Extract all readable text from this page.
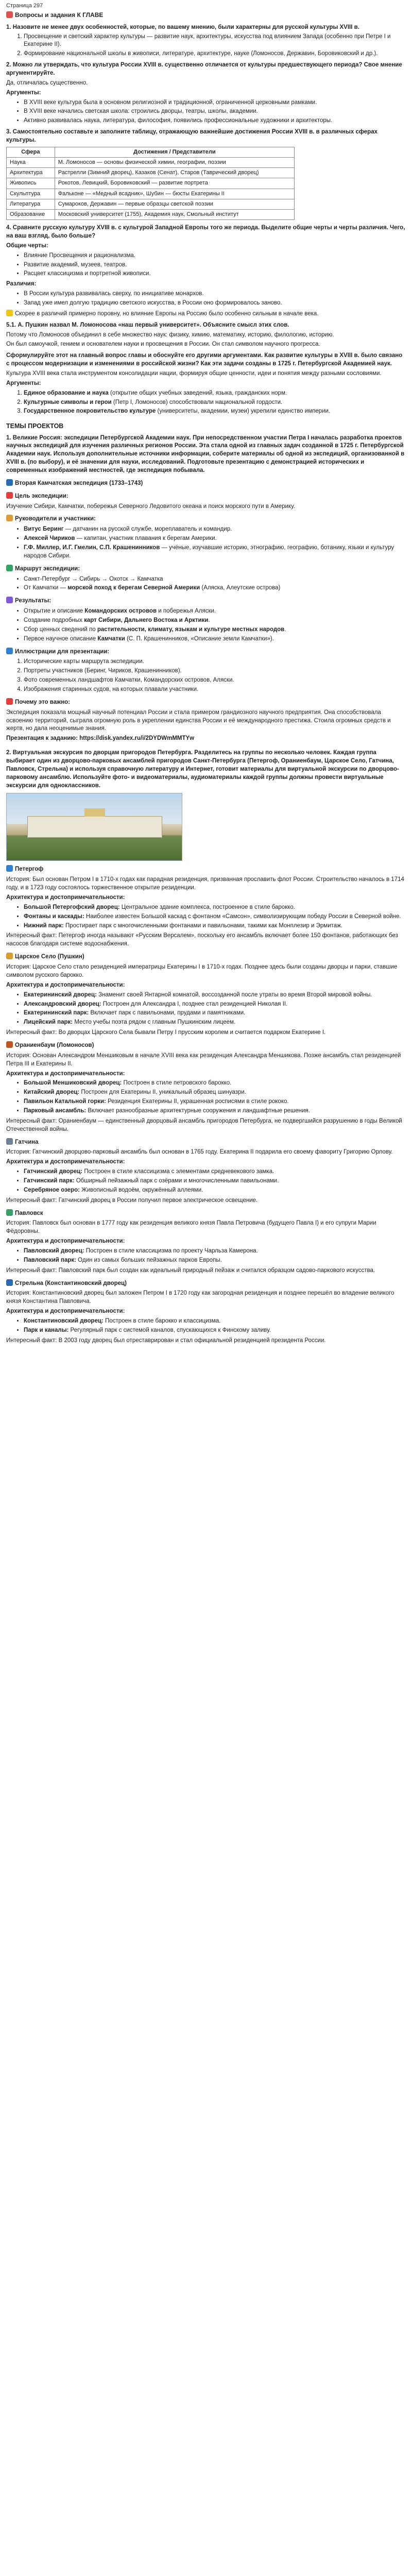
Страница 297
Вопросы и задания К ГЛАВЕ
1. Назовите не менее двух особенностей, которые, по вашему мнению, были характерны для русской культуры XVIII в.
1. Просвещение и светский характер культуры — развитие наук, архитектуры, искусства под влиянием Запада (особенно при Петре I и Екатерине II).
2. Формирование национальной школы в живописи, литературе, архитектуре, науке (Ломоносов, Державин, Боровиковский и др.).
2. Можно ли утверждать, что культура России XVIII в. существенно отличается от культуры предшествующего периода? Свое мнение аргументируйте.

Да, отличалась существенно.

Аргументы:

• В XVIII веке культура была в основном религиозной и традиционной, ограниченной церковными рамками.
• В XVIII веке начались светская школа: строились дворцы, театры, школы, академии.
• Активно развивалась наука, литература, философия, появились профессиональные художники и архитекторы.
3. Самостоятельно составьте и заполните таблицу, отражающую важнейшие достижения России XVIII в. в различных сферах культуры.
Сфера	Достижения / Представители
Наука	М. Ломоносов — основы физической химии, географии, поэзии
Архитектура	Растрелли (Зимний дворец), Казаков (Сенат), Старов (Таврический дворец)
Живопись	Рокотов, Левицкий, Боровиковский — развитие портрета
Скульптура	Фальконе — «Медный всадник», Шубин — бюсты Екатерины II
Литература	Сумароков, Державин — первые образцы светской поэзии
Образование	Московский университет (1755), Академия наук, Смольный институт
4. Сравните русскую культуру XVIII в. с культурой Западной Европы того же периода. Выделите общие черты и черты различия. Чего, на ваш взгляд, было больше?

Общие черты:

• Влияние Просвещения и рационализма.
• Развитие академий, музеев, театров.
• Расцвет классицизма и портретной живописи.

Различия:

• В России культура развивалась сверху, по инициативе монархов.
• Запад уже имел долгую традицию светского искусства, в России оно формировалось заново.

Скорее в различий примерно поровну, но влияние Европы на Россию было особенно сильным в начале века.

5.1. А. Пушкин назвал М. Ломоносова «наш первый университет». Объясните смысл этих слов.

Потому что Ломоносов объединил в себе множество наук: физику, химию, математику, историю, филологию, историю.

Он был самоучкой, гением и основателем науки и просвещения в России. Он стал символом научного прогресса.

Сформулируйте этот на главный вопрос главы и обоснуйте его другими аргументами. Как развитие культуры в XVIII в. было связано с процессом модернизации и изменениями в российской жизни? Как эти задачи созданы в 1725 г. Петербургской Академией наук.

Культура XVIII века стала инструментом консолидации нации, формируя общие ценности, идеи и понятия между разными сословиями.

Аргументы:

1. Единое образование и наука (открытие общих учебных заведений, языка, гражданских норм.
2. Культурные символы и герои (Петр I, Ломоносов) способствовали национальной гордости.
3. Государственное покровительство культуре (университеты, академии, музеи) укрепили единство империи.
ТЕМЫ ПРОЕКТОВ

1. Великие Россия: экспедиции Петербургской Академии наук. При непосредственном участии Петра I началась разработка проектов научных экспедиций для изучения различных регионов России. Эта стала одной из главных задач созданной в 1725 г. Петербургской Академии наук. Используя дополнительные источники информации, соберите материалы об одной из экспедиций, организованной в XVIII в. (по выбору), и её значении для науки, исследований. Подготовьте презентацию с демонстрацией исторических и современных изображений местностей, где экспедиция побывала.

Вторая Камчатская экспедиция (1733–1743)

Цель экспедиции:

Изучение Сибири, Камчатки, побережья Северного Ледовитого океана и поиск морского пути в Америку.

Руководители и участники:

• Витус Беринг — датчанин на русской службе, мореплаватель и командир.
• Алексей Чириков — капитан, участник плавания к берегам Америки.
• Г.Ф. Миллер, И.Г. Гмелин, С.П. Крашенинников — учёные, изучавшие историю, этнографию, географию, ботанику, языки и культуру народов Сибири.

Маршрут экспедиции:

• Санкт-Петербург → Сибирь → Охотск → Камчатка
• От Камчатки — морской поход к берегам Северной Америки (Аляска, Алеутские острова)

Результаты:

• Открытие и описание Командорских островов и побережья Аляски.
• Создание подробных карт Сибири, Дальнего Востока и Арктики.
• Сбор ценных сведений по растительности, климату, языкам и культуре местных народов.
• Первое научное описание Камчатки (С. П. Крашенинников, «Описание земли Камчатки»).

Иллюстрации для презентации:

1. Исторические карты маршрута экспедиции.
2. Портреты участников (Беринг, Чириков, Крашенинников).
3. Фото современных ландшафтов Камчатки, Командорских островов, Аляски.
4. Изображения старинных судов, на которых плавали участники.

Почему это важно:

Экспедиция показала мощный научный потенциал России и стала примером грандиозного научного предприятия. Она способствовала освоению территорий, сыграла огромную роль в укреплении единства России и её международного престижа. Стоила огромных средств и жертв, но дала неоценимые знания.

Презентация к заданию: https://disk.yandex.ru/i/2DYDWmMMTYw

2. Виртуальная экскурсия по дворцам пригородов Петербурга. Разделитесь на группы по несколько человек. Каждая группа выбирает один из дворцово-парковых ансамблей пригородов Санкт-Петербурга (Петергоф, Ораниенбаум, Царское Село, Гатчина, Павловск, Стрельна) и используя справочную литературу и Интернет, готовит материалы для виртуальной экскурсии по дворцово-парковому ансамблю. Используйте фото- и видеоматериалы, аудиоматериалы каждой группы должны провести виртуальные экскурсии для одноклассников.

Петергоф

История: Был основан Петром I в 1710-х годах как парадная резиденция, призванная прославить флот России. Строительство началось в 1714 году, и в 1723 году состоялось торжественное открытие резиденции.

Архитектура и достопримечательности:

• Большой Петергофский дворец: Центральное здание комплекса, построенное в стиле барокко.
• Фонтаны и каскады: Наиболее известен Большой каскад с фонтаном «Самсон», символизирующим победу России в Северной войне.
• Нижний парк: Простирает парк с многочисленными фонтанами и павильонами, такими как Монплезир и Эрмитаж.

Интересный факт: Петергоф иногда называют «Русским Версалем», поскольку его ансамбль включает более 150 фонтанов, работающих без насосов благодаря системе водоснабжения.

Царское Село (Пушкин)

История: Царское Село стало резиденцией императрицы Екатерины I в 1710-х годах. Позднее здесь были созданы дворцы и парки, ставшие символом русского барокко.

Архитектура и достопримечательности:

• Екатерининский дворец: Знаменит своей Янтарной комнатой, воссозданной после утраты во время Второй мировой войны.
• Александровский дворец: Построен для Александра I, позднее стал резиденцией Николая II.
• Екатерининский парк: Включает парк с павильонами, прудами и памятниками.
• Лицейский парк: Место учебы поэта рядом с главным Пушкинским лицеем.

Интересный факт: Во дворцах Царского Села бывали Петру I прусским королем и считается подарком Екатерине I.

Ораниенбаум (Ломоносов)

История: Основан Александром Меншиковым в начале XVIII века как резиденция Александра Меншикова. Позже ансамбль стал резиденцией Петра III и Екатерины II.

Архитектура и достопримечательности:

• Большой Меншиковский дворец: Построен в стиле петровского барокко.
• Китайский дворец: Построен для Екатерины II, уникальный образец шинуазри.
• Павильон Катальной горки: Резиденция Екатерины II, украшенная росписями в стиле рококо.
• Парковый ансамбль: Включает разнообразные архитектурные сооружения и ландшафтные решения.

Интересный факт: Ораниенбаум — единственный дворцовый ансамбль пригородов Петербурга, не подвергшийся разрушению в годы Великой Отечественной войны.

Гатчина

История: Гатчинский дворцово-парковый ансамбль был основан в 1765 году. Екатерина II подарила его своему фавориту Григорию Орлову.

Архитектура и достопримечательности:

• Гатчинский дворец: Построен в стиле классицизма с элементами средневекового замка.
• Гатчинский парк: Обширный пейзажный парк с озёрами и многочисленными павильонами.
• Серебряное озеро: Живописный водоём, окружённый аллеями.

Интересный факт: Гатчинский дворец в России получил первое электрическое освещение.

Павловск

История: Павловск был основан в 1777 году как резиденция великого князя Павла Петровича (будущего Павла I) и его супруги Марии Фёдоровны.

Архитектура и достопримечательности:

• Павловский дворец: Построен в стиле классицизма по проекту Чарльза Камерона.
• Павловский парк: Один из самых больших пейзажных парков Европы.

Интересный факт: Павловский парк был создан как идеальный природный пейзаж и считался образцом садово-паркового искусства.

Стрельна (Константиновский дворец)

История: Константиновский дворец был заложен Петром I в 1720 году как загородная резиденция и позднее перешёл во владение великого князя Константина Павловича.

Архитектура и достопримечательности:

• Константиновский дворец: Построен в стиле барокко и классицизма.
• Парк и каналы: Регулярный парк с системой каналов, спускающихся к Финскому заливу.

Интересный факт: В 2003 году дворец был отреставрирован и стал официальной резиденцией президента России.
